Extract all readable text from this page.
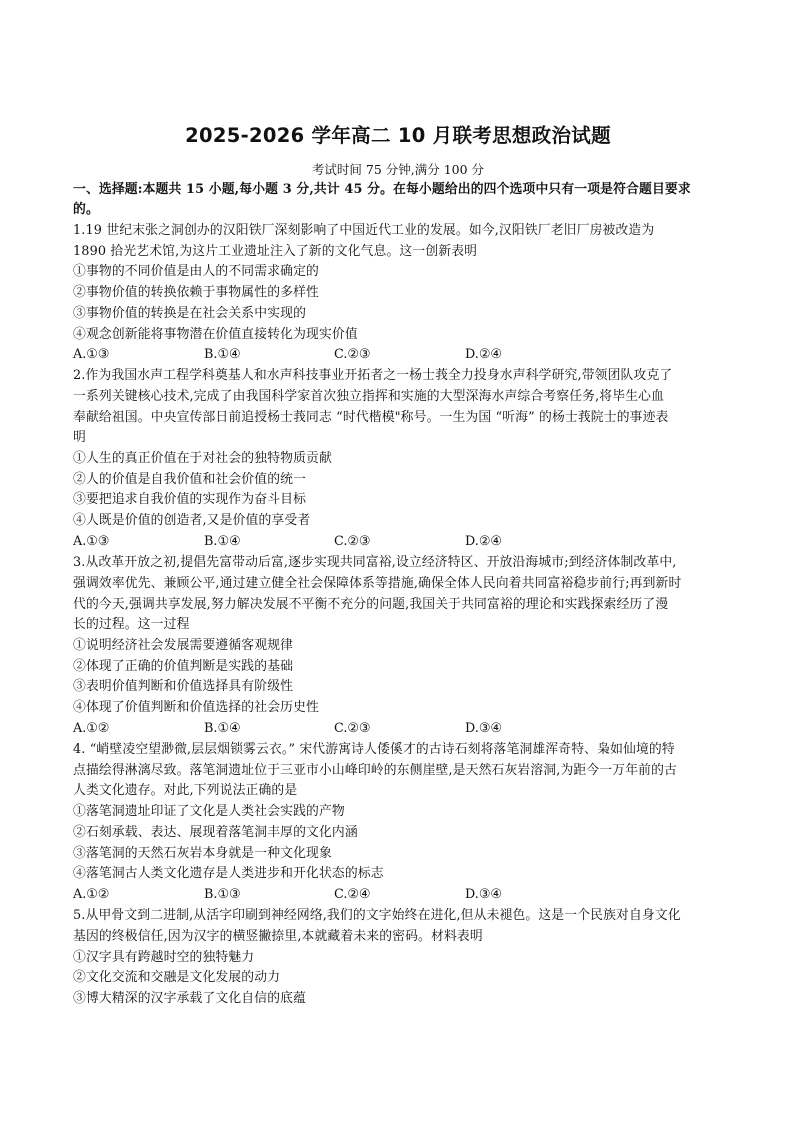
2025-2026 学年高二 10 月联考思想政治试题
考试时间 75 分钟,满分 100 分
一、选择题:本题共 15 小题,每小题 3 分,共计 45 分。在每小题给出的四个选项中只有一项是符合题目要求
的。
1.19 世纪末张之洞创办的汉阳铁厂深刻影响了中国近代工业的发展。如今,汉阳铁厂老旧厂房被改造为
1890 拾光艺术馆,为这片工业遗址注入了新的文化气息。这一创新表明
①事物的不同价值是由人的不同需求确定的
②事物价值的转换依赖于事物属性的多样性
③事物价值的转换是在社会关系中实现的
④观念创新能将事物潜在价值直接转化为现实价值
A.①③	B.①④	C.②③	D.②④
2.作为我国水声工程学科奠基人和水声科技事业开拓者之一杨士莪全力投身水声科学研究,带领团队攻克了
一系列关键核心技术,完成了由我国科学家首次独立指挥和实施的大型深海水声综合考察任务,将毕生心血
奉献给祖国。中央宣传部日前追授杨士莪同志 “时代楷模"称号。一生为国 “听海” 的杨士莪院士的事迹表
明
①人生的真正价值在于对社会的独特物质贡献
②人的价值是自我价值和社会价值的统一
③要把追求自我价值的实现作为奋斗目标
④人既是价值的创造者,又是价值的享受者
A.①③	B.①④	C.②③	D.②④
3.从改革开放之初,提倡先富带动后富,逐步实现共同富裕,设立经济特区、开放沿海城市;到经济体制改革中,
强调效率优先、兼顾公平,通过建立健全社会保障体系等措施,确保全体人民向着共同富裕稳步前行;再到新时
代的今天,强调共享发展,努力解决发展不平衡不充分的问题,我国关于共同富裕的理论和实践探索经历了漫
长的过程。这一过程
①说明经济社会发展需要遵循客观规律
②体现了正确的价值判断是实践的基础
③表明价值判断和价值选择具有阶级性
④体现了价值判断和价值选择的社会历史性
A.①②	B.①④	C.②③	D.③④
4. “峭壁凌空望渺微,层层烟锁雾云衣。” 宋代游寓诗人倭傒才的古诗石刻将落笔洞雄浑奇特、枭如仙境的特
点描绘得淋漓尽致。落笔洞遗址位于三亚市小山峰印岭的东侧崖壁,是天然石灰岩溶洞,为距今一万年前的古
人类文化遗存。对此,下列说法正确的是
①落笔洞遗址印证了文化是人类社会实践的产物
②石刻承载、表达、展现着落笔洞丰厚的文化内涵
③落笔洞的天然石灰岩本身就是一种文化现象
④落笔洞古人类文化遗存是人类进步和开化状态的标志
A.①②	B.①③	C.②④	D.③④
5.从甲骨文到二进制,从活字印刷到神经网络,我们的文字始终在进化,但从未褪色。这是一个民族对自身文化
基因的终极信任,因为汉字的横竖撇捺里,本就藏着未来的密码。材料表明
①汉字具有跨越时空的独特魅力
②文化交流和交融是文化发展的动力
③博大精深的汉字承载了文化自信的底蕴
